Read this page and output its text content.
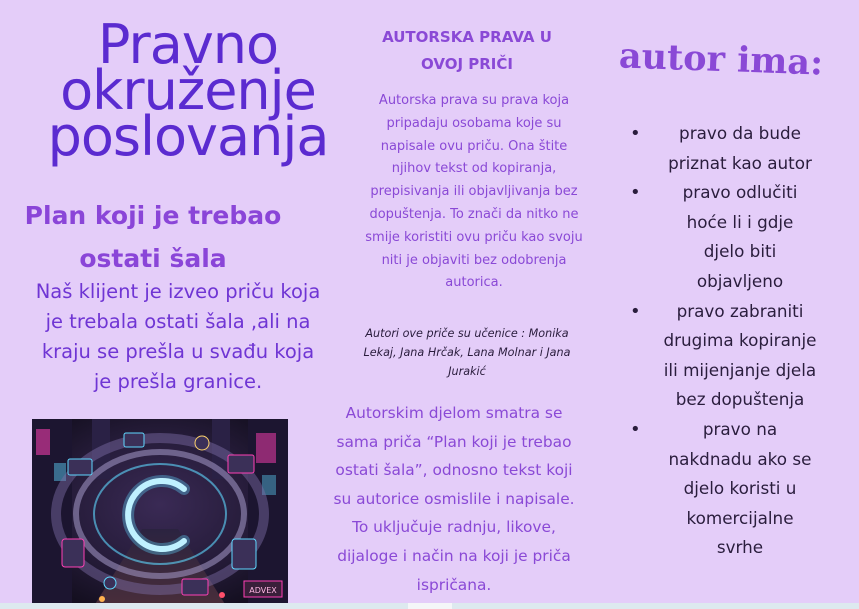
Pravno
okruženje
poslovanja
Plan koji je trebao
ostati šala
Naš klijent je izveo priču koja
je trebala ostati šala ,ali na
kraju se prešla u svađu koja
je prešla granice.
ADVEX
AUTORSKA PRAVA U
OVOJ PRIČI
Autorska prava su prava koja
pripadaju osobama koje su
napisale ovu priču. Ona štite
njihov tekst od kopiranja,
prepisivanja ili objavljivanja bez
dopuštenja. To znači da nitko ne
smije koristiti ovu priču kao svoju
niti je objaviti bez odobrenja
autorica.
Autori ove priče su učenice : Monika
Lekaj, Jana Hrčak, Lana Molnar i Jana
Jurakić
Autorskim djelom smatra se
sama priča “Plan koji je trebao
ostati šala”, odnosno tekst koji
su autorice osmislile i napisale.
To uključuje radnju, likove,
dijaloge i način na koji je priča
ispričana.
autor ima:
•	pravo da bude
priznat kao autor
•	pravo odlučiti
hoće li i gdje
djelo biti
objavljeno
•	pravo zabraniti
drugima kopiranje
ili mijenjanje djela
bez dopuštenja
•	pravo na
nakdnadu ako se
djelo koristi u
komercijalne
svrhe
